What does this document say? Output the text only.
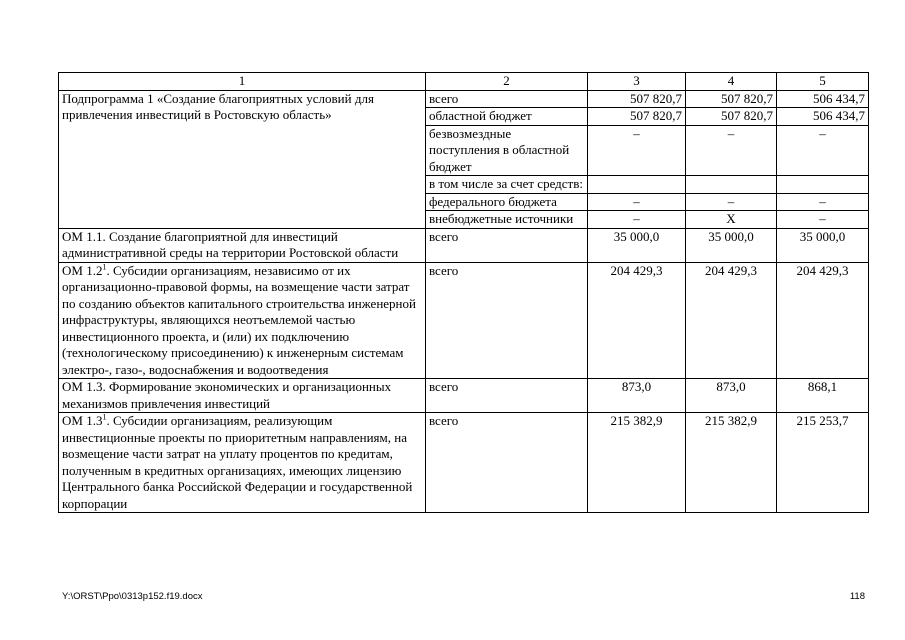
1	2	3	4	5
Подпрограмма 1 «Создание благоприятных условий для привлечения инвестиций в Ростовскую область»	всего	507 820,7	507 820,7	506 434,7
	областной бюджет	507 820,7	507 820,7	506 434,7
	безвозмездные поступления в областной бюджет	–	–	–
	в том числе за счет средств:			
	федерального бюджета	–	–	–
	внебюджетные источники	–	Х	–
ОМ 1.1. Создание благоприятной для инвестиций административной среды на территории Ростовской области	всего	35 000,0	35 000,0	35 000,0
ОМ $1.2^1$. Субсидии организациям, независимо от их организационно-правовой формы, на возмещение части затрат по созданию объектов капитального строительства инженерной инфраструктуры, являющихся неотъемлемой частью инвестиционного проекта, и (или) их подключению (технологическому присоединению) к инженерным системам электро-, газо-, водоснабжения и водоотведения	всего	204 429,3	204 429,3	204 429,3
ОМ 1.3. Формирование экономических и организационных механизмов привлечения инвестиций	всего	873,0	873,0	868,1
ОМ $1.3^1$. Субсидии организациям, реализующим инвестиционные проекты по приоритетным направлениям, на возмещение части затрат на уплату процентов по кредитам, полученным в кредитных организациях, имеющих лицензию Центрального банка Российской Федерации и государственной корпорации	всего	215 382,9	215 382,9	215 253,7
Y:\ORST\Ppo\0313p152.f19.docx	118
